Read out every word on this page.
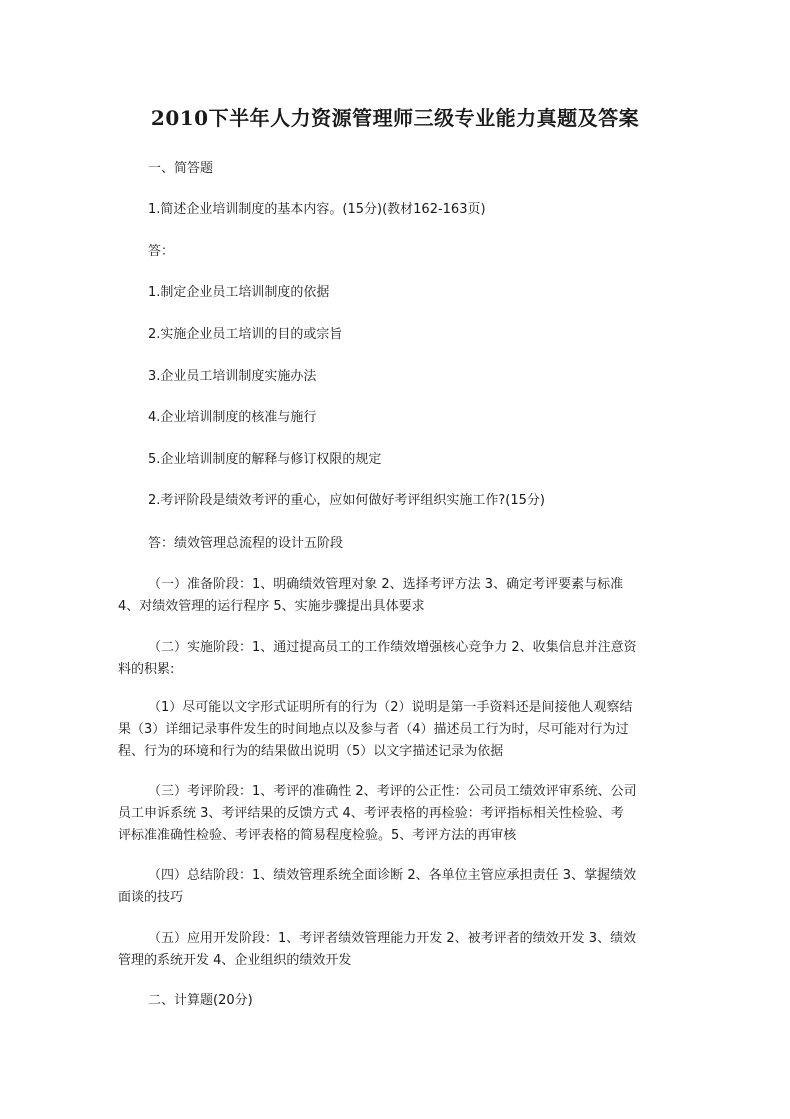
2010下半年人力资源管理师三级专业能力真题及答案
一、简答题
1.简述企业培训制度的基本内容。(15分)(教材162-163页)
答：
1.制定企业员工培训制度的依据
2.实施企业员工培训的目的或宗旨
3.企业员工培训制度实施办法
4.企业培训制度的核准与施行
5.企业培训制度的解释与修订权限的规定
2.考评阶段是绩效考评的重心，应如何做好考评组织实施工作?(15分)
答：绩效管理总流程的设计五阶段
（一）准备阶段：1、明确绩效管理对象 2、选择考评方法 3、确定考评要素与标准
4、对绩效管理的运行程序 5、实施步骤提出具体要求
（二）实施阶段：1、通过提高员工的工作绩效增强核心竞争力 2、收集信息并注意资
料的积累:
（1）尽可能以文字形式证明所有的行为（2）说明是第一手资料还是间接他人观察结
果（3）详细记录事件发生的时间地点以及参与者（4）描述员工行为时，尽可能对行为过
程、行为的环境和行为的结果做出说明（5）以文字描述记录为依据
（三）考评阶段：1、考评的准确性 2、考评的公正性：公司员工绩效评审系统、公司
员工申诉系统 3、考评结果的反馈方式 4、考评表格的再检验：考评指标相关性检验、考
评标准准确性检验、考评表格的简易程度检验。5、考评方法的再审核
（四）总结阶段：1、绩效管理系统全面诊断 2、各单位主管应承担责任 3、掌握绩效
面谈的技巧
（五）应用开发阶段：1、考评者绩效管理能力开发 2、被考评者的绩效开发 3、绩效
管理的系统开发 4、企业组织的绩效开发
二、计算题(20分)
